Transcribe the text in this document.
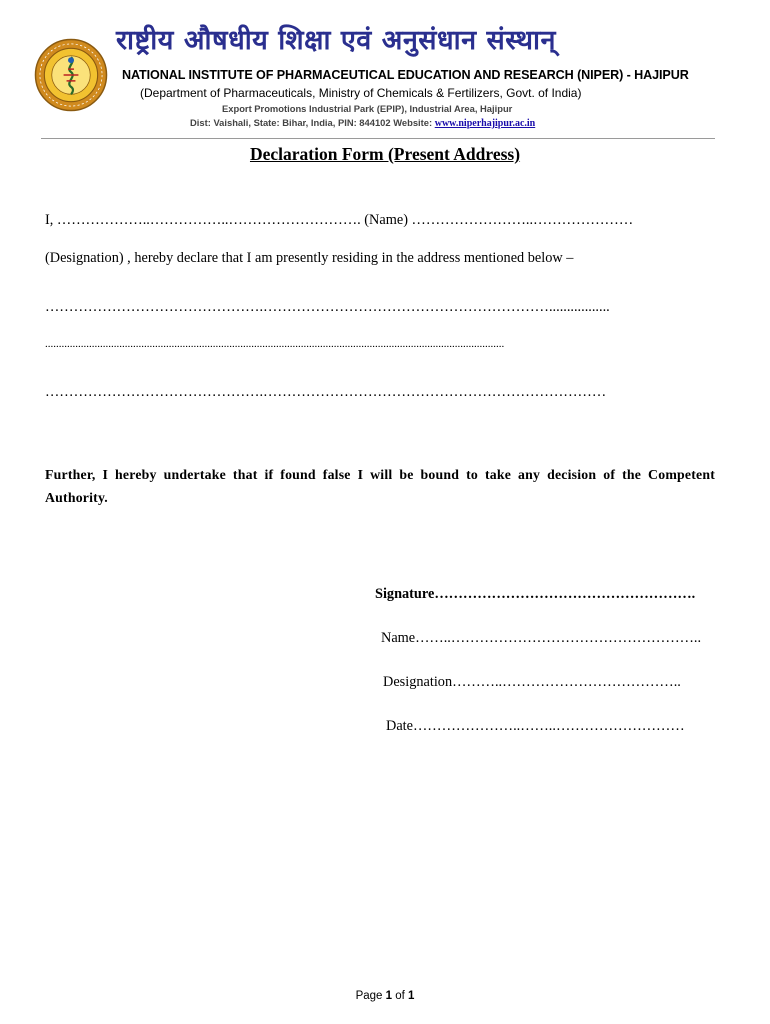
राष्ट्रीय औषधीय शिक्षा एवं अनुसंधान संस्थान्
NATIONAL INSTITUTE OF PHARMACEUTICAL EDUCATION AND RESEARCH (NIPER) - HAJIPUR
(Department of Pharmaceuticals, Ministry of Chemicals & Fertilizers, Govt. of India)
Export Promotions Industrial Park (EPIP), Industrial Area, Hajipur
Dist: Vaishali, State: Bihar, India, PIN: 844102 Website: www.niperhajipur.ac.in
Declaration Form (Present Address)
I, ………………..……………..………………………. (Name) ……………………..…………………
(Designation) , hereby declare that I am presently residing in the address mentioned below –
……………………………………….…………………………………………………….................
.......................................................................................................................................................................
……………………………………….………………………………………………………………
Further, I hereby undertake that if found false I will be bound to take any decision of the Competent Authority.
Signature……………………………………………….
Name……..……………………………………………..
Designation………..………………………………..
Date…………………..……..………………………
Page 1 of 1
